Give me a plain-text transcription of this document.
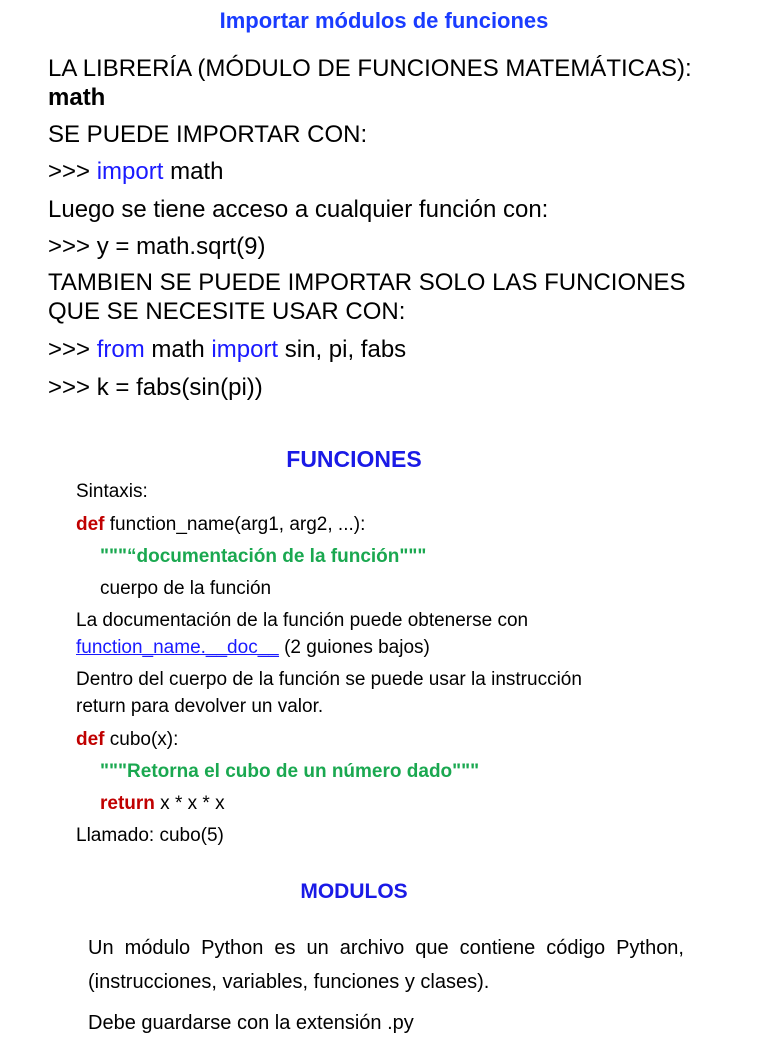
Importar módulos de funciones
LA LIBRERÍA (MÓDULO DE FUNCIONES MATEMÁTICAS):
math
SE PUEDE IMPORTAR CON:
>>> import math
Luego se tiene acceso a cualquier función con:
>>> y = math.sqrt(9)
TAMBIEN SE PUEDE IMPORTAR SOLO LAS FUNCIONES
QUE SE NECESITE USAR CON:
>>> from math import sin, pi, fabs
>>> k = fabs(sin(pi))
FUNCIONES
Sintaxis:
def function_name(arg1, arg2, ...):
"""“documentación de la función"""
cuerpo de la función
La documentación de la función puede obtenerse con
function_name.__doc__ (2 guiones bajos)
Dentro del cuerpo de la función se puede usar la instrucción
return para devolver un valor.
def cubo(x):
"""Retorna el cubo de un número dado"""
return x * x * x
Llamado: cubo(5)
MODULOS
Un módulo Python es un archivo que contiene código Python, (instrucciones, variables, funciones y clases).
Debe guardarse con la extensión .py
